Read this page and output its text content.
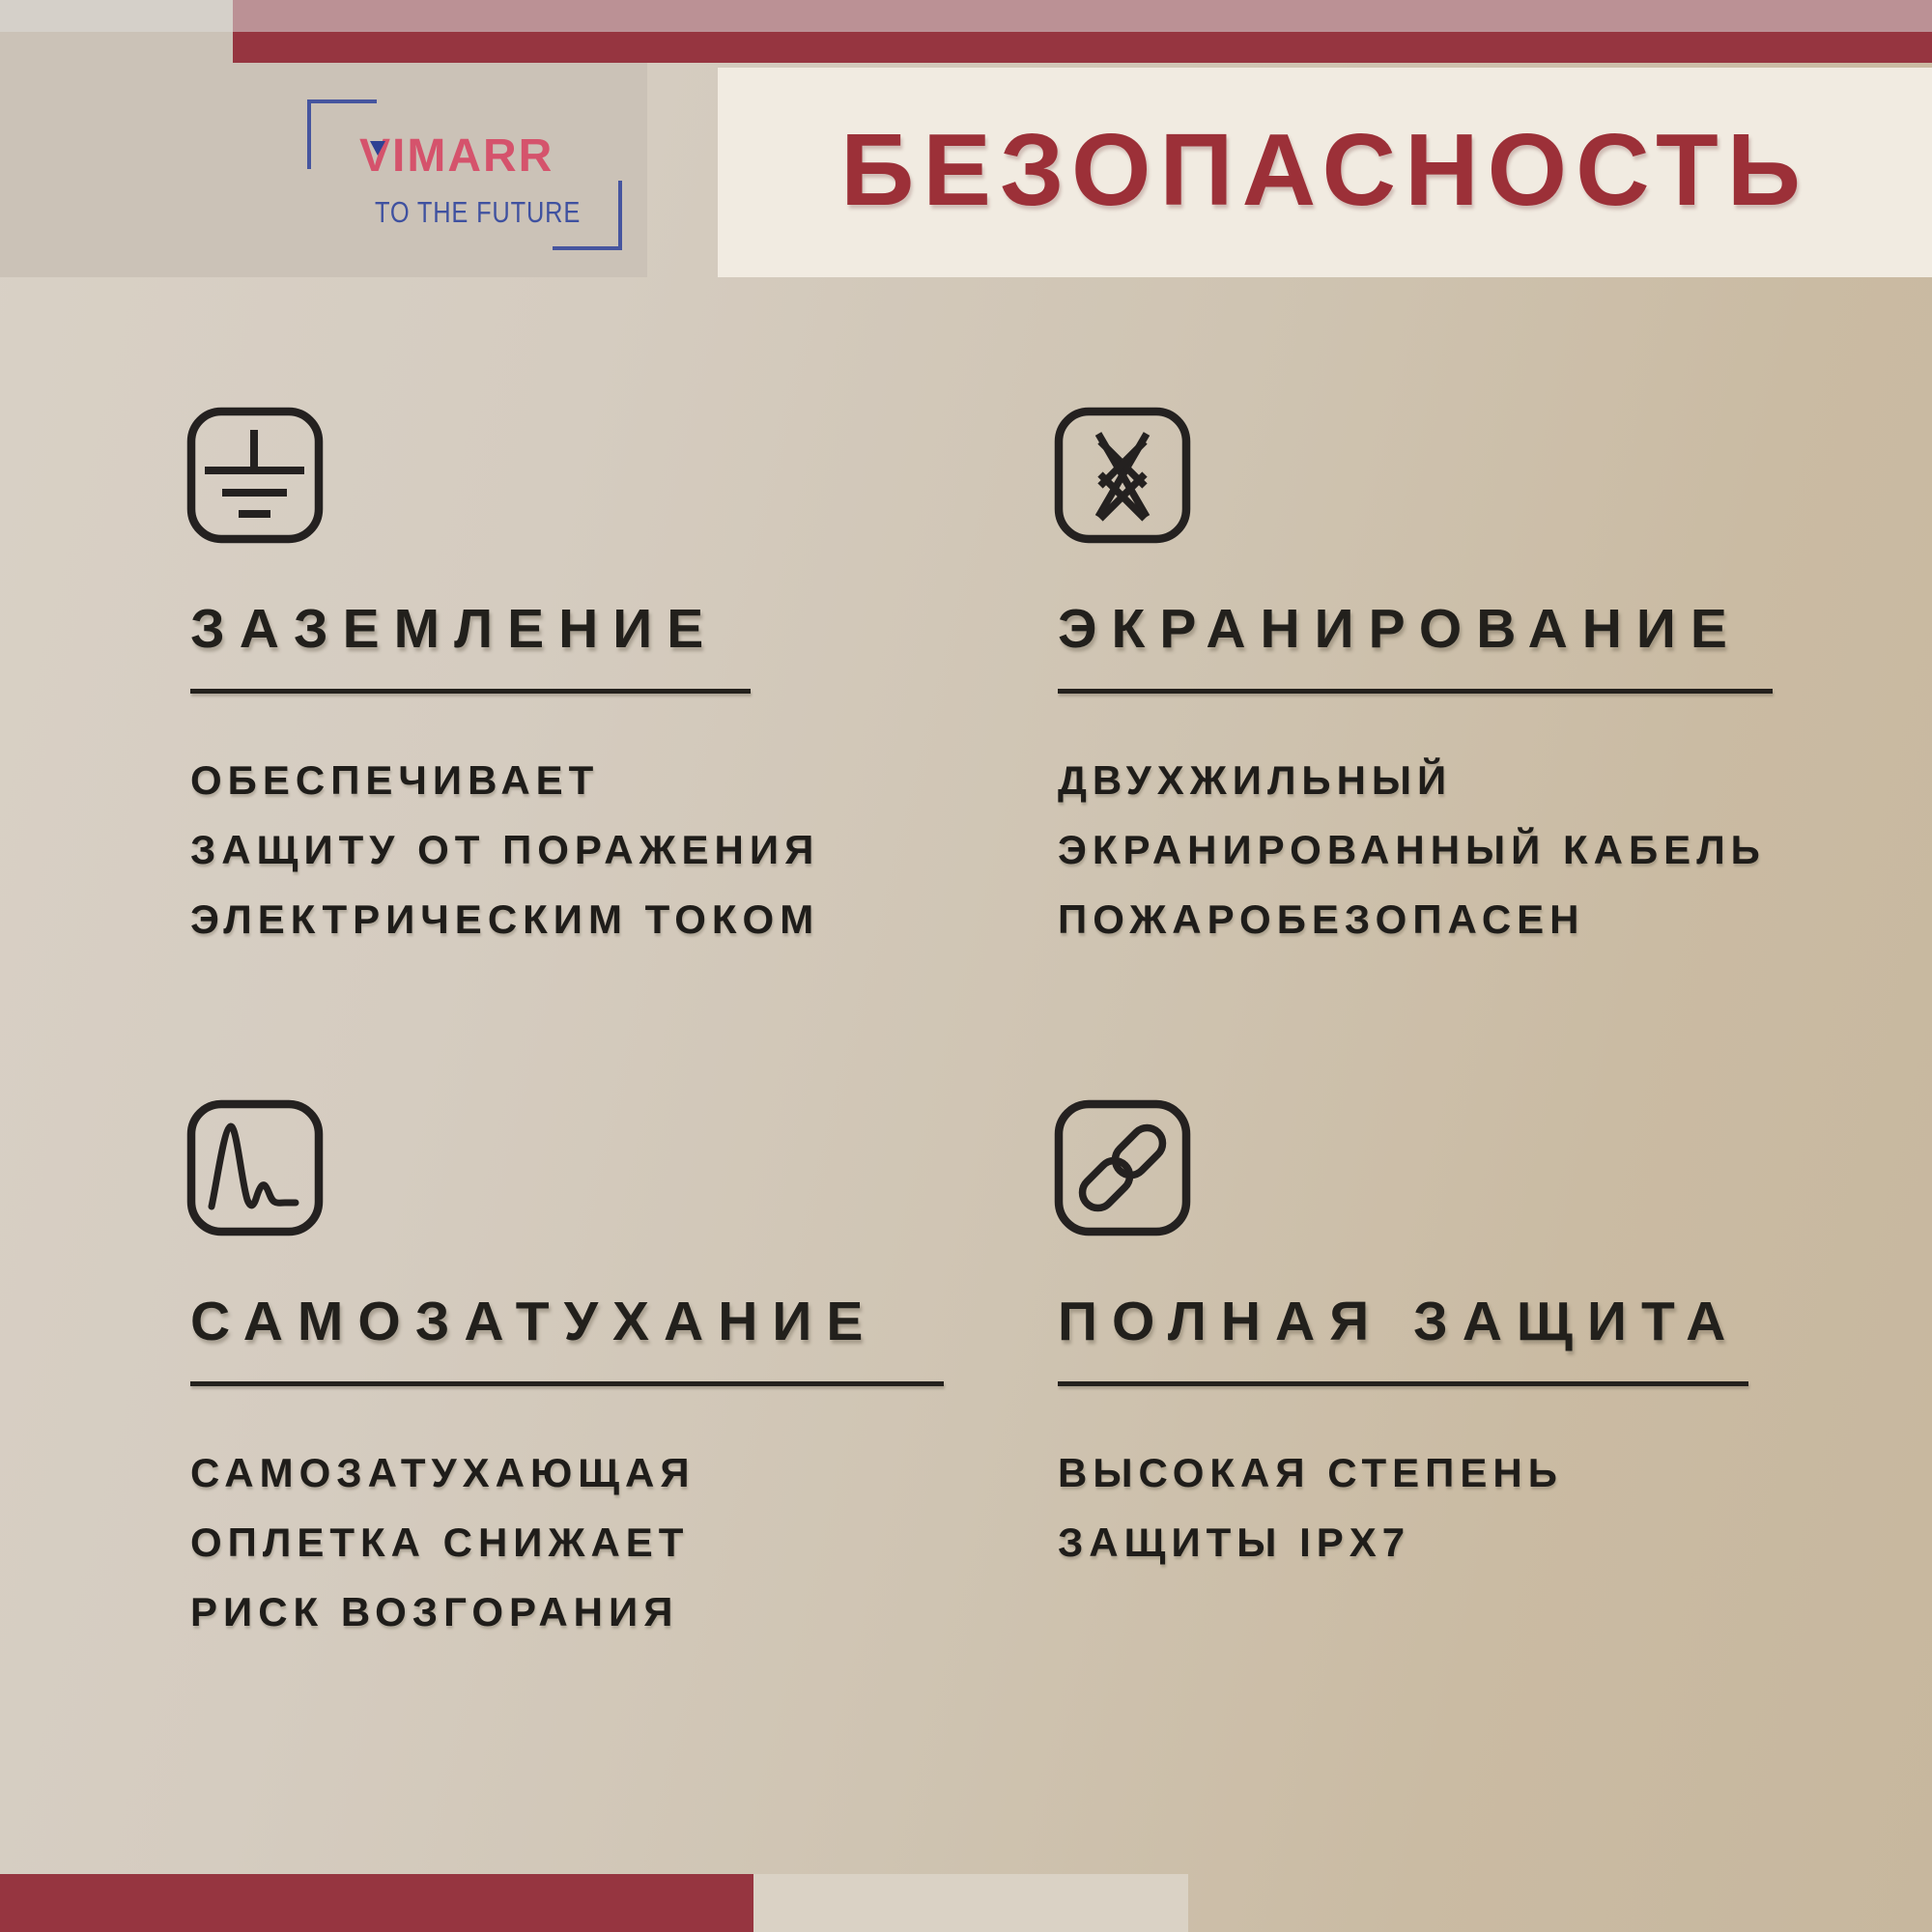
БЕЗОПАСНОСТЬ
VIMARR
TO THE FUTURE
ЗАЗЕМЛЕНИЕ
ОБЕСПЕЧИВАЕТ
ЗАЩИТУ ОТ ПОРАЖЕНИЯ
ЭЛЕКТРИЧЕСКИМ ТОКОМ
ЭКРАНИРОВАНИЕ
ДВУХЖИЛЬНЫЙ
ЭКРАНИРОВАННЫЙ КАБЕЛЬ
ПОЖАРОБЕЗОПАСЕН
САМОЗАТУХАНИЕ
САМОЗАТУХАЮЩАЯ
ОПЛЕТКА СНИЖАЕТ
РИСК ВОЗГОРАНИЯ
ПОЛНАЯ ЗАЩИТА
ВЫСОКАЯ СТЕПЕНЬ
ЗАЩИТЫ IPX7
